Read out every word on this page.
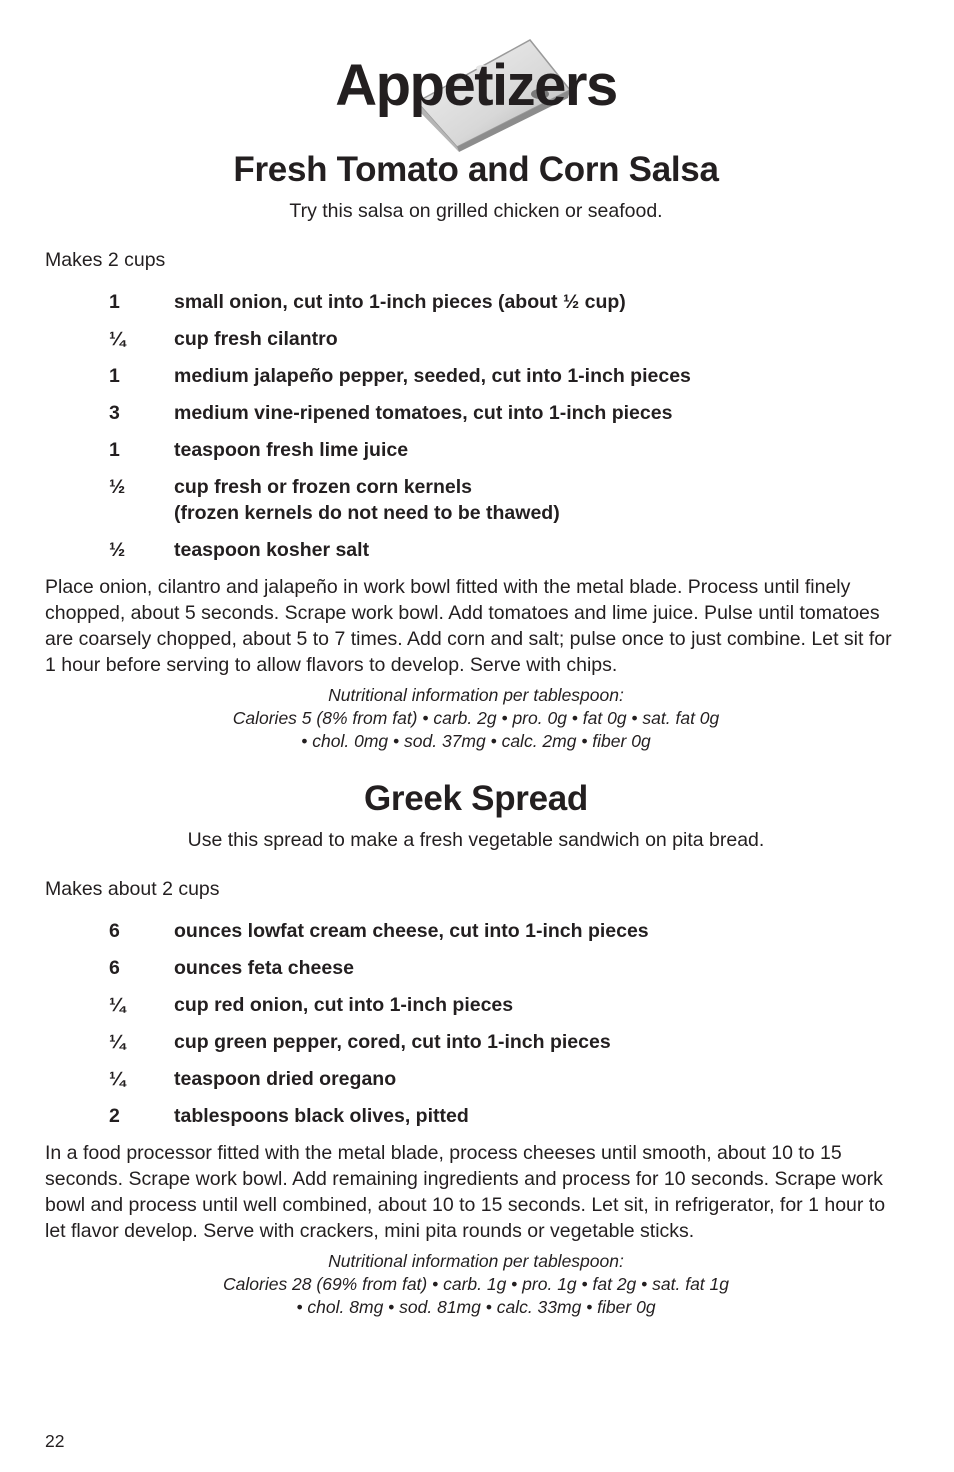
Appetizers
Fresh Tomato and Corn Salsa

Try this salsa on grilled chicken or seafood.

Makes 2 cups

1	small onion, cut into 1-inch pieces (about ½ cup)
¼	cup fresh cilantro
1	medium jalapeño pepper, seeded, cut into 1-inch pieces
3	medium vine-ripened tomatoes, cut into 1-inch pieces
1	teaspoon fresh lime juice
½	cup fresh or frozen corn kernels
(frozen kernels do not need to be thawed)
½	teaspoon kosher salt

Place onion, cilantro and jalapeño in work bowl fitted with the metal blade. Process until finely chopped, about 5 seconds. Scrape work bowl. Add tomatoes and lime juice. Pulse until tomatoes are coarsely chopped, about 5 to 7 times. Add corn and salt; pulse once to just combine. Let sit for 1 hour before serving to allow flavors to develop. Serve with chips.

Nutritional information per tablespoon:
Calories 5 (8% from fat) • carb. 2g • pro. 0g • fat 0g • sat. fat 0g
• chol. 0mg • sod. 37mg • calc. 2mg • fiber 0g
Greek Spread

Use this spread to make a fresh vegetable sandwich on pita bread.

Makes about 2 cups

6	ounces lowfat cream cheese, cut into 1-inch pieces
6	ounces feta cheese
¼	cup red onion, cut into 1-inch pieces
¼	cup green pepper, cored, cut into 1-inch pieces
¼	teaspoon dried oregano
2	tablespoons black olives, pitted

In a food processor fitted with the metal blade, process cheeses until smooth, about 10 to 15 seconds. Scrape work bowl. Add remaining ingredients and process for 10 seconds. Scrape work bowl and process until well combined, about 10 to 15 seconds. Let sit, in refrigerator, for 1 hour to let flavor develop. Serve with crackers, mini pita rounds or vegetable sticks.

Nutritional information per tablespoon:
Calories 28 (69% from fat) • carb. 1g • pro. 1g • fat 2g • sat. fat 1g
• chol. 8mg • sod. 81mg • calc. 33mg • fiber 0g
22
